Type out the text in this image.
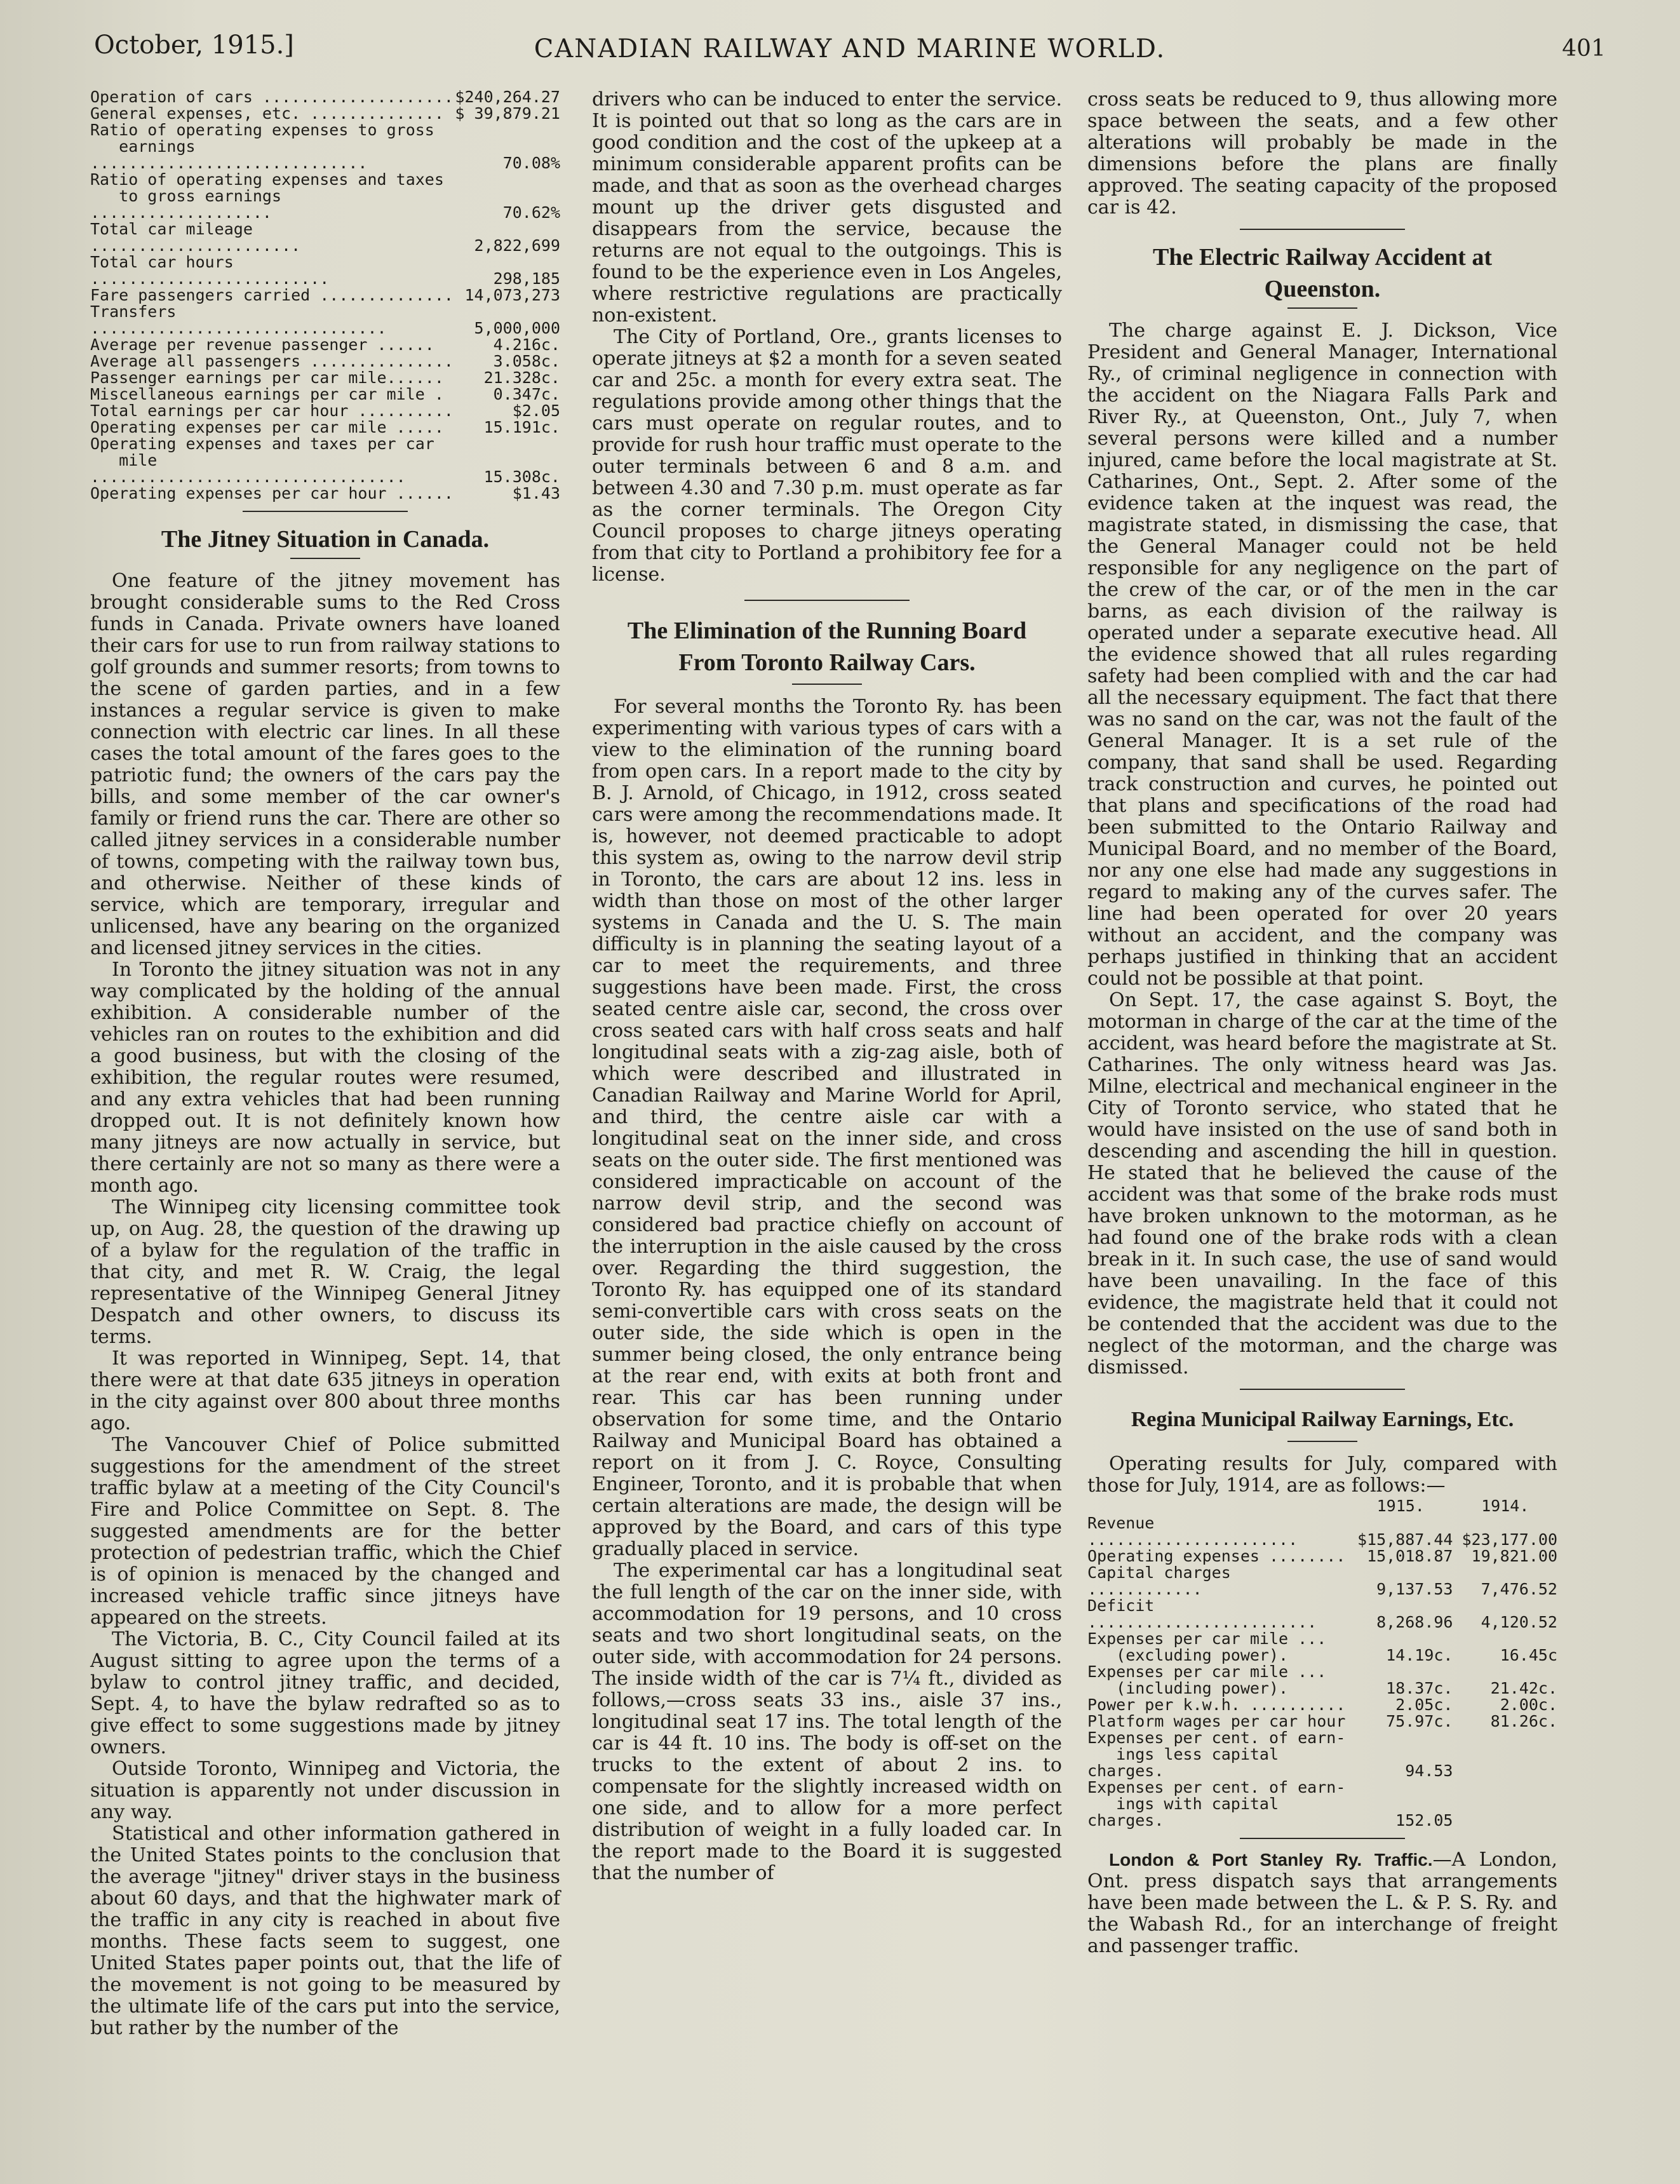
October, 1915.]	CANADIAN RAILWAY AND MARINE WORLD.	401
Operation of cars ....................	$240,264.27
General expenses, etc. ..............	$ 39,879.21
Ratio of operating expenses to gross
earnings .............................	70.08%
Ratio of operating expenses and taxes
to gross earnings ...................	70.62%
Total car mileage ......................	2,822,699
Total car hours .........................	298,185
Fare passengers carried ..............	14,073,273
Transfers ...............................	5,000,000
Average per revenue passenger ......	4.216c.
Average all passengers ...............	3.058c.
Passenger earnings per car mile......	21.328c.
Miscellaneous earnings per car mile .	0.347c.
Total earnings per car hour ..........	$2.05
Operating expenses per car mile .....	15.191c.
Operating expenses and taxes per car
mile .................................	15.308c.
Operating expenses per car hour ......	$1.43
The Jitney Situation in Canada.

One feature of the jitney movement has brought considerable sums to the Red Cross funds in Canada. Private owners have loaned their cars for use to run from railway stations to golf grounds and summer resorts; from towns to the scene of garden parties, and in a few instances a regular service is given to make connection with electric car lines. In all these cases the total amount of the fares goes to the patriotic fund; the owners of the cars pay the bills, and some member of the car owner's family or friend runs the car. There are other so called jitney services in a considerable number of towns, competing with the railway town bus, and otherwise. Neither of these kinds of service, which are temporary, irregular and unlicensed, have any bearing on the organized and licensed jitney services in the cities.

In Toronto the jitney situation was not in any way complicated by the holding of the annual exhibition. A considerable number of the vehicles ran on routes to the exhibition and did a good business, but with the closing of the exhibition, the regular routes were resumed, and any extra vehicles that had been running dropped out. It is not definitely known how many jitneys are now actually in service, but there certainly are not so many as there were a month ago.

The Winnipeg city licensing committee took up, on Aug. 28, the question of the drawing up of a bylaw for the regulation of the traffic in that city, and met R. W. Craig, the legal representative of the Winnipeg General Jitney Despatch and other owners, to discuss its terms.

It was reported in Winnipeg, Sept. 14, that there were at that date 635 jitneys in operation in the city against over 800 about three months ago.

The Vancouver Chief of Police submitted suggestions for the amendment of the street traffic bylaw at a meeting of the City Council's Fire and Police Committee on Sept. 8. The suggested amendments are for the better protection of pedestrian traffic, which the Chief is of opinion is menaced by the changed and increased vehicle traffic since jitneys have appeared on the streets.

The Victoria, B. C., City Council failed at its August sitting to agree upon the terms of a bylaw to control jitney traffic, and decided, Sept. 4, to have the bylaw redrafted so as to give effect to some suggestions made by jitney owners.

Outside Toronto, Winnipeg and Victoria, the situation is apparently not under discussion in any way.

Statistical and other information gathered in the United States points to the conclusion that the average "jitney" driver stays in the business about 60 days, and that the highwater mark of the traffic in any city is reached in about five months. These facts seem to suggest, one United States paper points out, that the life of the movement is not going to be measured by the ultimate life of the cars put into the service, but rather by the number of the

drivers who can be induced to enter the service. It is pointed out that so long as the cars are in good condition and the cost of the upkeep at a minimum considerable apparent profits can be made, and that as soon as the overhead charges mount up the driver gets disgusted and disappears from the service, because the returns are not equal to the outgoings. This is found to be the experience even in Los Angeles, where restrictive regulations are practically non-existent.

The City of Portland, Ore., grants licenses to operate jitneys at $2 a month for a seven seated car and 25c. a month for every extra seat. The regulations provide among other things that the cars must operate on regular routes, and to provide for rush hour traffic must operate to the outer terminals between 6 and 8 a.m. and between 4.30 and 7.30 p.m. must operate as far as the corner terminals. The Oregon City Council proposes to charge jitneys operating from that city to Portland a prohibitory fee for a license.

The Elimination of the Running Board
From Toronto Railway Cars.

For several months the Toronto Ry. has been experimenting with various types of cars with a view to the elimination of the running board from open cars. In a report made to the city by B. J. Arnold, of Chicago, in 1912, cross seated cars were among the recommendations made. It is, however, not deemed practicable to adopt this system as, owing to the narrow devil strip in Toronto, the cars are about 12 ins. less in width than those on most of the other larger systems in Canada and the U. S. The main difficulty is in planning the seating layout of a car to meet the requirements, and three suggestions have been made. First, the cross seated centre aisle car, second, the cross over cross seated cars with half cross seats and half longitudinal seats with a zig-zag aisle, both of which were described and illustrated in Canadian Railway and Marine World for April, and third, the centre aisle car with a longitudinal seat on the inner side, and cross seats on the outer side. The first mentioned was considered impracticable on account of the narrow devil strip, and the second was considered bad practice chiefly on account of the interruption in the aisle caused by the cross over. Regarding the third suggestion, the Toronto Ry. has equipped one of its standard semi-convertible cars with cross seats on the outer side, the side which is open in the summer being closed, the only entrance being at the rear end, with exits at both front and rear. This car has been running under observation for some time, and the Ontario Railway and Municipal Board has obtained a report on it from J. C. Royce, Consulting Engineer, Toronto, and it is probable that when certain alterations are made, the design will be approved by the Board, and cars of this type gradually placed in service.

The experimental car has a longitudinal seat the full length of the car on the inner side, with accommodation for 19 persons, and 10 cross seats and two short longitudinal seats, on the outer side, with accommodation for 24 persons. The inside width of the car is 7¼ ft., divided as follows,—cross seats 33 ins., aisle 37 ins., longitudinal seat 17 ins. The total length of the car is 44 ft. 10 ins. The body is off-set on the trucks to the extent of about 2 ins. to compensate for the slightly increased width on one side, and to allow for a more perfect distribution of weight in a fully loaded car. In the report made to the Board it is suggested that the number of

cross seats be reduced to 9, thus allowing more space between the seats, and a few other alterations will probably be made in the dimensions before the plans are finally approved. The seating capacity of the proposed car is 42.

The Electric Railway Accident at
Queenston.

The charge against E. J. Dickson, Vice President and General Manager, International Ry., of criminal negligence in connection with the accident on the Niagara Falls Park and River Ry., at Queenston, Ont., July 7, when several persons were killed and a number injured, came before the local magistrate at St. Catharines, Ont., Sept. 2. After some of the evidence taken at the inquest was read, the magistrate stated, in dismissing the case, that the General Manager could not be held responsible for any negligence on the part of the crew of the car, or of the men in the car barns, as each division of the railway is operated under a separate executive head. All the evidence showed that all rules regarding safety had been complied with and the car had all the necessary equipment. The fact that there was no sand on the car, was not the fault of the General Manager. It is a set rule of the company, that sand shall be used. Regarding track construction and curves, he pointed out that plans and specifications of the road had been submitted to the Ontario Railway and Municipal Board, and no member of the Board, nor any one else had made any suggestions in regard to making any of the curves safer. The line had been operated for over 20 years without an accident, and the company was perhaps justified in thinking that an accident could not be possible at that point.

On Sept. 17, the case against S. Boyt, the motorman in charge of the car at the time of the accident, was heard before the magistrate at St. Catharines. The only witness heard was Jas. Milne, electrical and mechanical engineer in the City of Toronto service, who stated that he would have insisted on the use of sand both in descending and ascending the hill in question. He stated that he believed the cause of the accident was that some of the brake rods must have broken unknown to the motorman, as he had found one of the brake rods with a clean break in it. In such case, the use of sand would have been unavailing. In the face of this evidence, the magistrate held that it could not be contended that the accident was due to the neglect of the motorman, and the charge was dismissed.

Regina Municipal Railway Earnings, Etc.

Operating results for July, compared with those for July, 1914, are as follows:—

	1915.	1914.
Revenue ......................	$15,887.44	$23,177.00
Operating expenses ........	15,018.87	19,821.00
Capital charges ............	9,137.53	7,476.52
Deficit ........................	8,268.96	4,120.52
Expenses per car mile ...
(excluding power).	14.19c.	16.45c
Expenses per car mile ...
(including power).	18.37c.	21.42c.
Power per k.w.h. ..........	2.05c.	2.00c.
Platform wages per car hour	75.97c.	81.26c.
Expenses per cent. of earn-
ings less capital charges.	94.53	
Expenses per cent. of earn-
ings with capital charges.	152.05	

London & Port Stanley Ry. Traffic.—A London, Ont. press dispatch says that arrangements have been made between the L. & P. S. Ry. and the Wabash Rd., for an interchange of freight and passenger traffic.
